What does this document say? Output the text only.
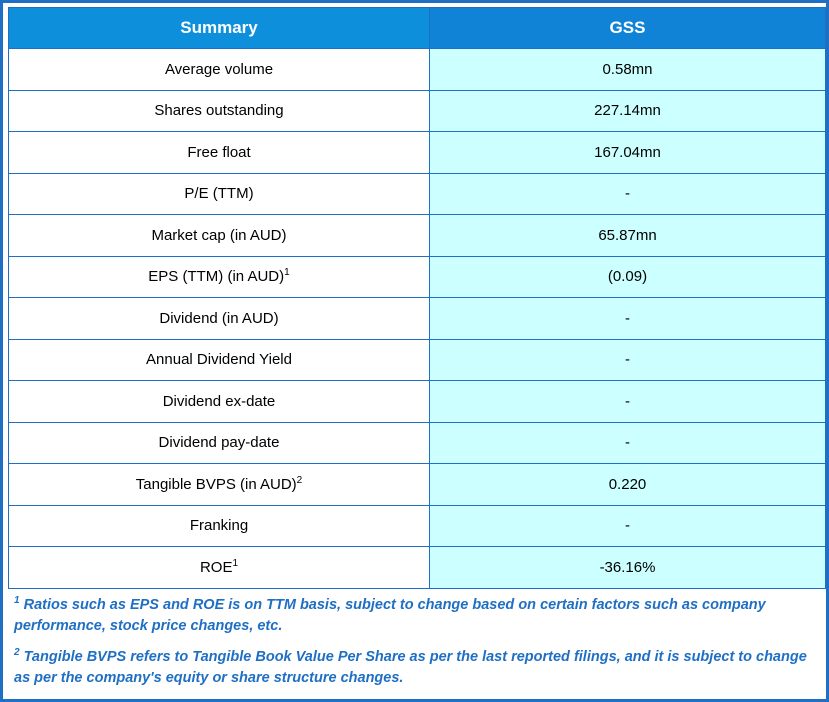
Summary	GSS
Average volume	0.58mn
Shares outstanding	227.14mn
Free float	167.04mn
P/E (TTM)	-
Market cap (in AUD)	65.87mn
EPS (TTM) (in AUD)$^1$	(0.09)
Dividend (in AUD)	-
Annual Dividend Yield	-
Dividend ex-date	-
Dividend pay-date	-
Tangible BVPS (in AUD)$^2$	0.220
Franking	-
ROE$^1$	-36.16%

$^1$ Ratios such as EPS and ROE is on TTM basis, subject to change based on certain factors such as company performance, stock price changes, etc.

$^2$ Tangible BVPS refers to Tangible Book Value Per Share as per the last reported filings, and it is subject to change as per the company's equity or share structure changes.
